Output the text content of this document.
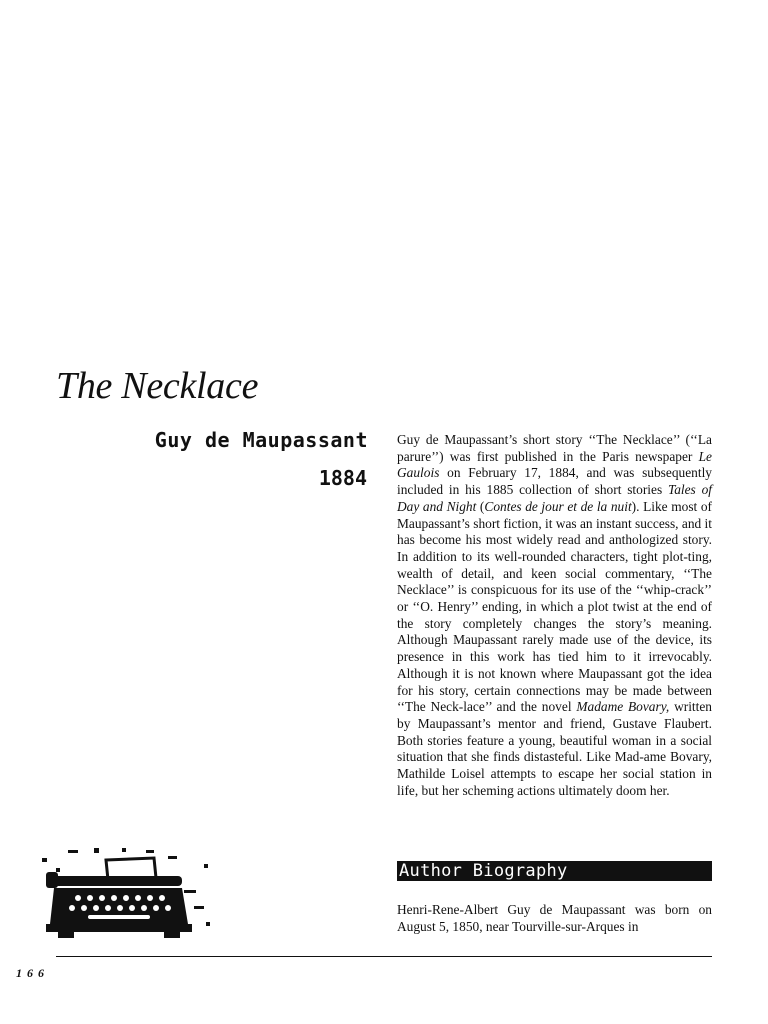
The Necklace
Guy de Maupassant
1884

Guy de Maupassant’s short story ‘‘The Necklace’’ (‘‘La parure’’) was first published in the Paris newspaper Le Gaulois on February 17, 1884, and was subsequently included in his 1885 collection of short stories Tales of Day and Night (Contes de jour et de la nuit). Like most of Maupassant’s short fiction, it was an instant success, and it has become his most widely read and anthologized story. In addition to its well-rounded characters, tight plot-ting, wealth of detail, and keen social commentary, ‘‘The Necklace’’ is conspicuous for its use of the ‘‘whip-crack’’ or ‘‘O. Henry’’ ending, in which a plot twist at the end of the story completely changes the story’s meaning. Although Maupassant rarely made use of the device, its presence in this work has tied him to it irrevocably. Although it is not known where Maupassant got the idea for his story, certain connections may be made between ‘‘The Neck-lace’’ and the novel Madame Bovary, written by Maupassant’s mentor and friend, Gustave Flaubert. Both stories feature a young, beautiful woman in a social situation that she finds distasteful. Like Mad-ame Bovary, Mathilde Loisel attempts to escape her social station in life, but her scheming actions ultimately doom her.

Author Biography

Henri-Rene-Albert Guy de Maupassant was born on August 5, 1850, near Tourville-sur-Arques in

166
